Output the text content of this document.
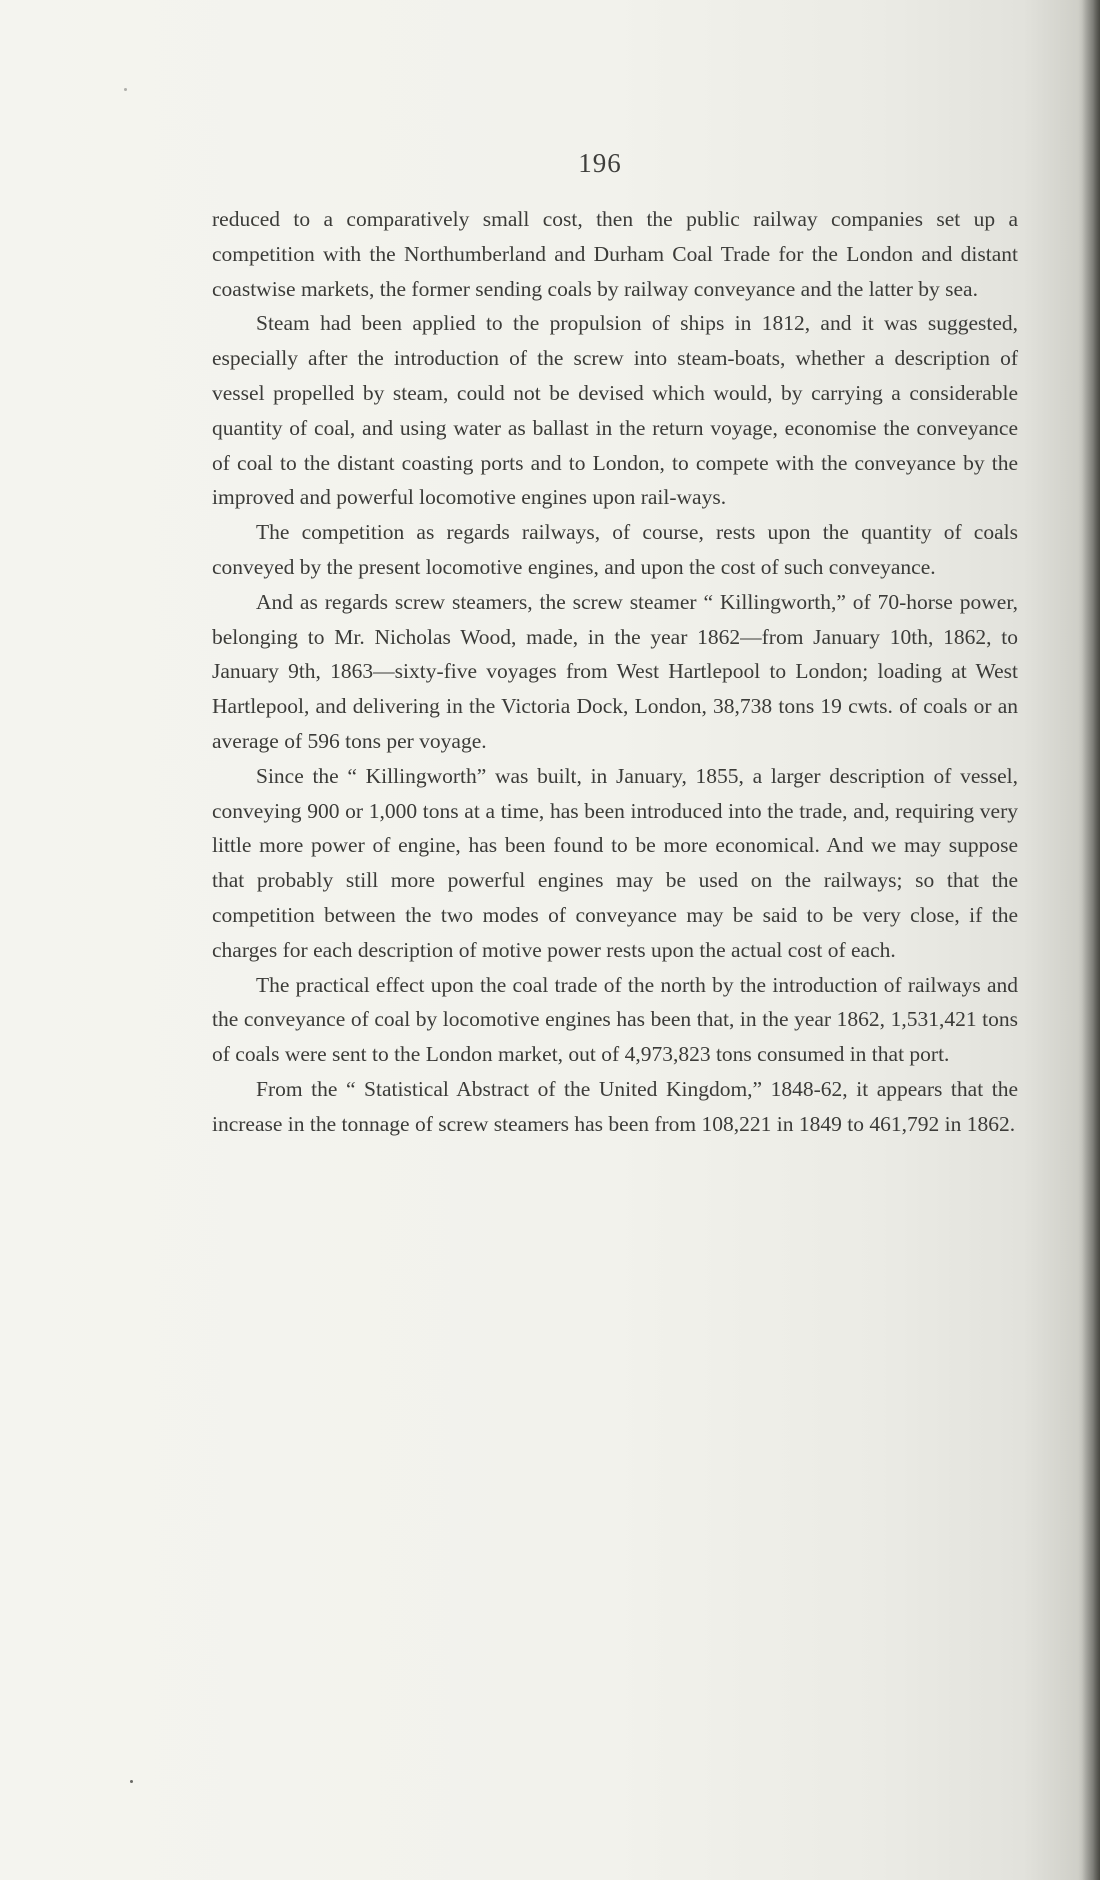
196

reduced to a comparatively small cost, then the public railway companies set up a competition with the Northumberland and Durham Coal Trade for the London and distant coastwise markets, the former sending coals by railway conveyance and the latter by sea.

Steam had been applied to the propulsion of ships in 1812, and it was suggested, especially after the introduction of the screw into steam-boats, whether a description of vessel propelled by steam, could not be devised which would, by carrying a considerable quantity of coal, and using water as ballast in the return voyage, economise the conveyance of coal to the distant coasting ports and to London, to compete with the conveyance by the improved and powerful locomotive engines upon rail-ways.

The competition as regards railways, of course, rests upon the quantity of coals conveyed by the present locomotive engines, and upon the cost of such conveyance.

And as regards screw steamers, the screw steamer “ Killingworth,” of 70-horse power, belonging to Mr. Nicholas Wood, made, in the year 1862—from January 10th, 1862, to January 9th, 1863—sixty-five voyages from West Hartlepool to London; loading at West Hartlepool, and delivering in the Victoria Dock, London, 38,738 tons 19 cwts. of coals or an average of 596 tons per voyage.

Since the “ Killingworth” was built, in January, 1855, a larger description of vessel, conveying 900 or 1,000 tons at a time, has been introduced into the trade, and, requiring very little more power of engine, has been found to be more economical. And we may suppose that probably still more powerful engines may be used on the railways; so that the competition between the two modes of conveyance may be said to be very close, if the charges for each description of motive power rests upon the actual cost of each.

The practical effect upon the coal trade of the north by the introduction of railways and the conveyance of coal by locomotive engines has been that, in the year 1862, 1,531,421 tons of coals were sent to the London market, out of 4,973,823 tons consumed in that port.

From the “ Statistical Abstract of the United Kingdom,” 1848-62, it appears that the increase in the tonnage of screw steamers has been from 108,221 in 1849 to 461,792 in 1862.
